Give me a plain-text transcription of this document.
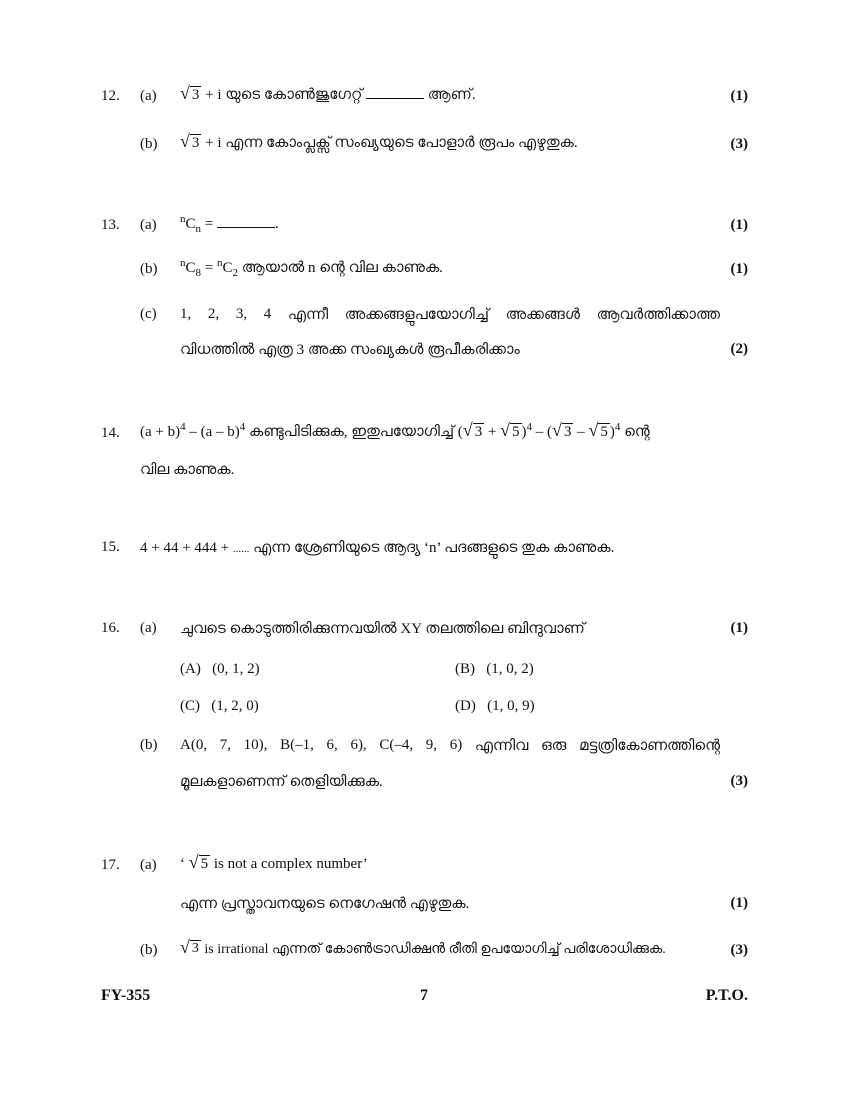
12. (a) √ 3 + i യുടെ കോൺജുഗേറ്റ്	ആണ്.	(1)
(b) √ 3 + i എന്ന കോംപ്ലക്സ് സംഖ്യയുടെ പോളാർ രൂപം എഴുതുക.	(3)
13. (a) $^nC_n$ =	.	(1)
(b) $^nC_8 = ^nC_2$ ആയാൽ n ന്റെ വില കാണുക.	(1)
(c) 1, 2, 3, 4 എന്നീ അക്കങ്ങളുപയോഗിച്ച് അക്കങ്ങൾ ആവർത്തിക്കാത്ത
വിധത്തിൽ എത്ര 3 അക്ക സംഖ്യകൾ രൂപീകരിക്കാം	(2)
14. $(a + b)^4 - (a - b)^4$ കണ്ടുപിടിക്കുക, ഇതുപയോഗിച്ച് ( √ 3 + √ 5 )$^4$ – ( √ 3 – √ 5 )$^4$ ന്റെ
വില കാണുക.
15. 4 + 44 + 444 + ...... എന്ന ശ്രേണിയുടെ ആദ്യ ‘n’ പദങ്ങളുടെ തുക കാണുക.
16. (a) ചുവടെ കൊടുത്തിരിക്കുന്നവയിൽ XY തലത്തിലെ ബിന്ദുവാണ്	(1)
(A) (0, 1, 2)	(B) (1, 0, 2)
(C) (1, 2, 0)	(D) (1, 0, 9)
(b) A(0, 7, 10), B(–1, 6, 6), C(–4, 9, 6) എന്നിവ ഒരു മട്ടത്രികോണത്തിന്റെ
മൂലകളാണെന്ന് തെളിയിക്കുക.	(3)
17. (a) ‘ √ 5 is not a complex number’
എന്ന പ്രസ്താവനയുടെ നെഗേഷൻ എഴുതുക.	(1)
(b) √ 3 is irrational എന്നത് കോൺട്രാഡിക്ഷൻ രീതി ഉപയോഗിച്ച് പരിശോധിക്കുക.	(3)
FY-355	7	P.T.O.
